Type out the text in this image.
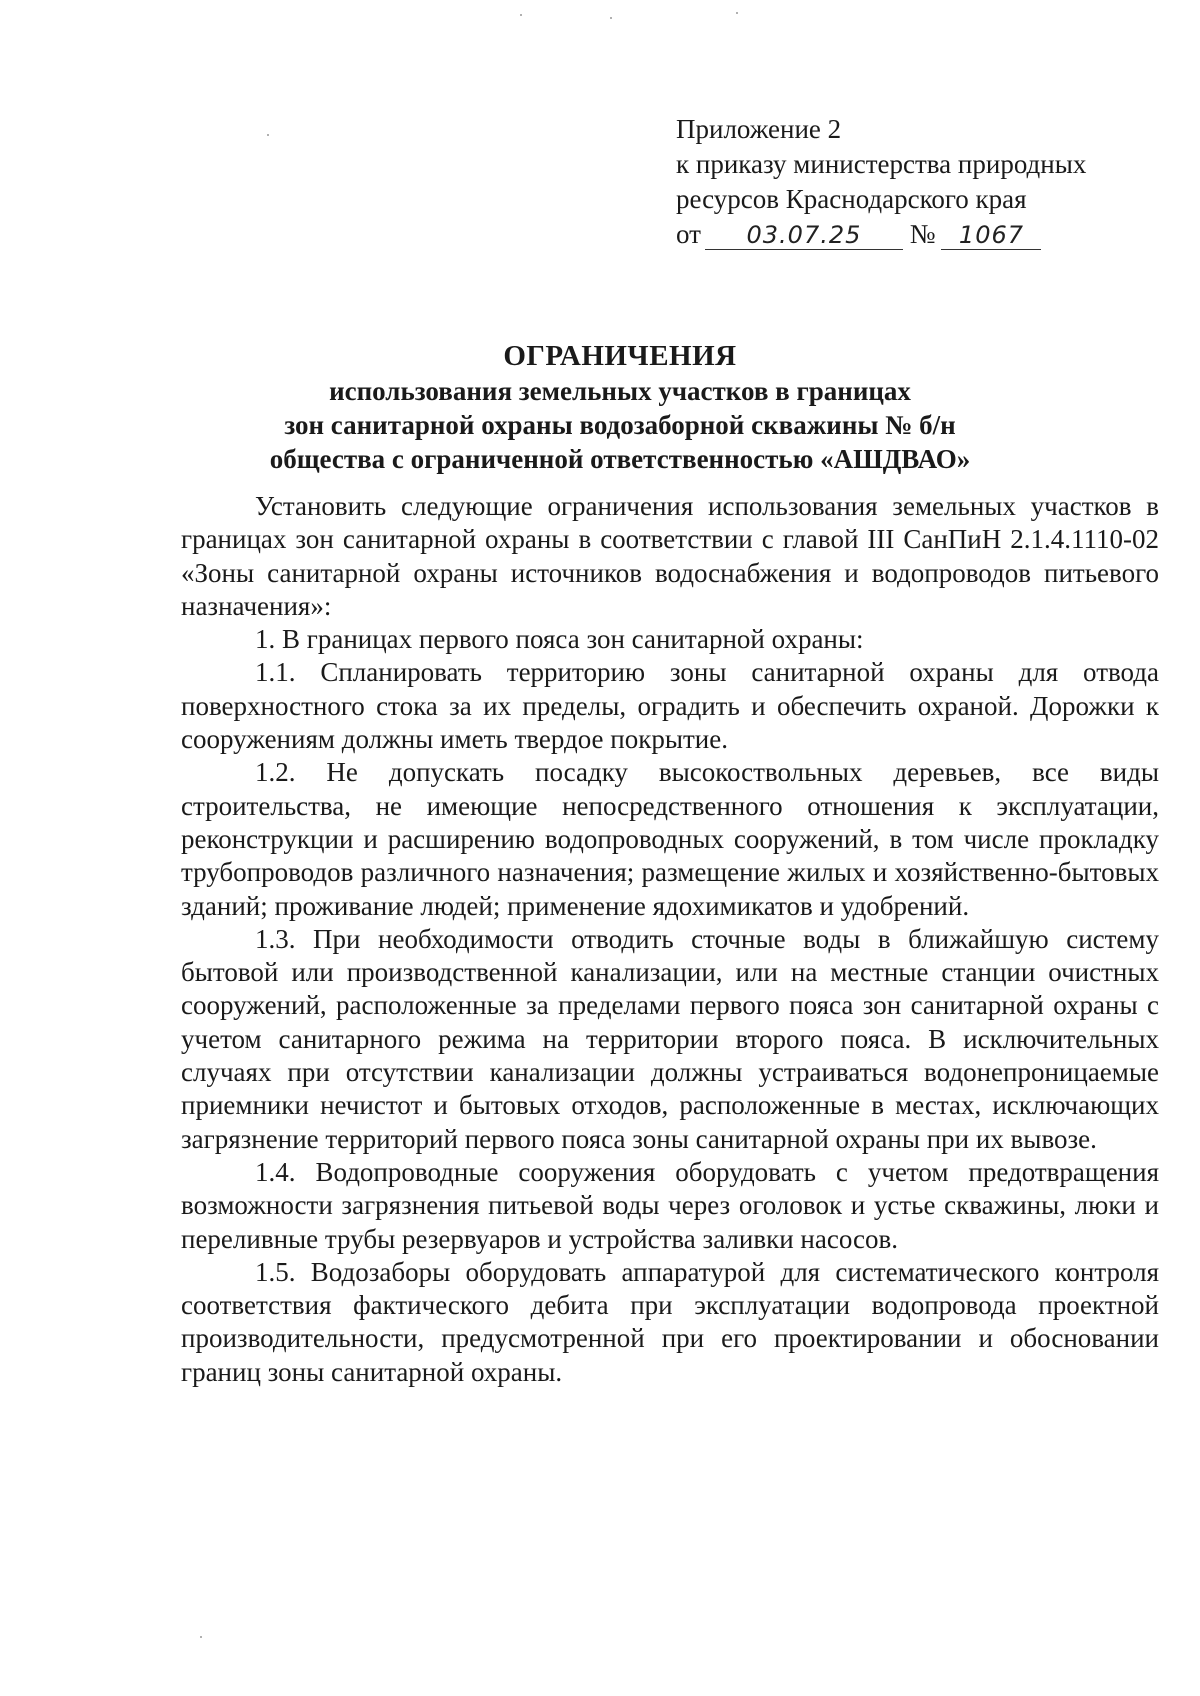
Приложение 2
к приказу министерства природных
ресурсов Краснодарского края
от 03.07.25 № 1067
ОГРАНИЧЕНИЯ
использования земельных участков в границах
зон санитарной охраны водозаборной скважины № б/н
общества с ограниченной ответственностью «АШДВАО»

Установить следующие ограничения использования земельных участков в границах зон санитарной охраны в соответствии с главой III СанПиН 2.1.4.1110-02 «Зоны санитарной охраны источников водоснабжения и водопроводов питьевого назначения»:

1. В границах первого пояса зон санитарной охраны:

1.1. Спланировать территорию зоны санитарной охраны для отвода поверхностного стока за их пределы, оградить и обеспечить охраной. Дорожки к сооружениям должны иметь твердое покрытие.

1.2. Не допускать посадку высокоствольных деревьев, все виды строительства, не имеющие непосредственного отношения к эксплуатации, реконструкции и расширению водопроводных сооружений, в том числе прокладку трубопроводов различного назначения; размещение жилых и хозяйственно-бытовых зданий; проживание людей; применение ядохимикатов и удобрений.

1.3. При необходимости отводить сточные воды в ближайшую систему бытовой или производственной канализации, или на местные станции очистных сооружений, расположенные за пределами первого пояса зон санитарной охраны с учетом санитарного режима на территории второго пояса. В исключительных случаях при отсутствии канализации должны устраиваться водонепроницаемые приемники нечистот и бытовых отходов, расположенные в местах, исключающих загрязнение территорий первого пояса зоны санитарной охраны при их вывозе.

1.4. Водопроводные сооружения оборудовать с учетом предотвращения возможности загрязнения питьевой воды через оголовок и устье скважины, люки и переливные трубы резервуаров и устройства заливки насосов.

1.5. Водозаборы оборудовать аппаратурой для систематического контроля соответствия фактического дебита при эксплуатации водопровода проектной производительности, предусмотренной при его проектировании и обосновании границ зоны санитарной охраны.
